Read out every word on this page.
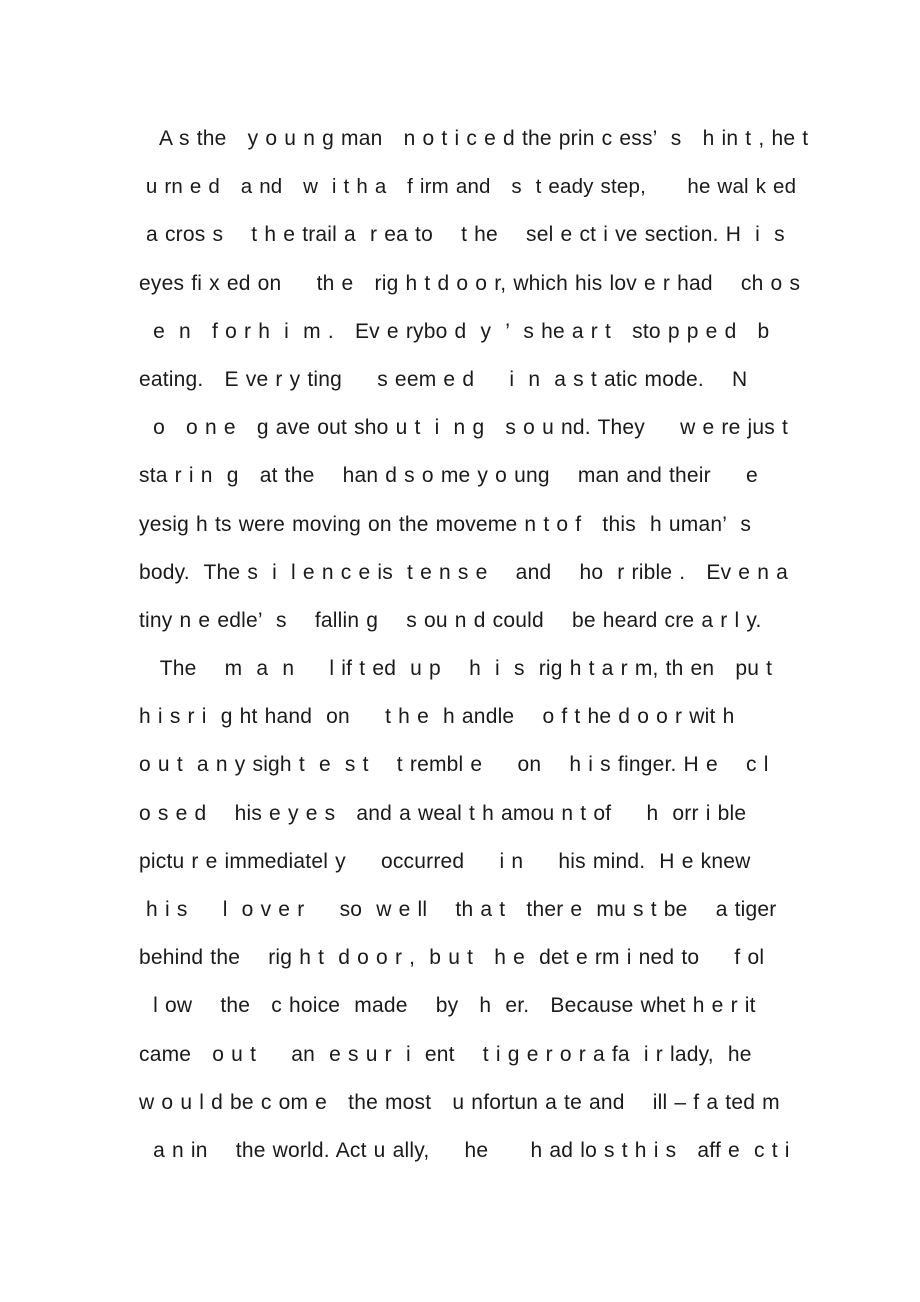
A s the   y o u n g man   n o t i c e d the prin c ess’  s   h in t , he t
u rn e d   a nd   w  i t h a   f irm and   s  t eady step,      he wal k ed
a cros s    t h e trail a  r ea to    t he    sel e ct i ve section. H  i  s
eyes fi x ed on     th e   rig h t d o o r, which his lov e r had    ch o s
e  n   f o r h  i  m .   Ev e rybo d  y  ’  s he a r t   sto p p e d   b
eating.   E ve r y ting     s eem e d     i  n  a s t atic mode.    N
o   o n e   g ave out sho u t  i  n g   s o u nd. They     w e re jus t
sta r i n  g   at the    han d s o me y o ung    man and their     e
yesig h ts were moving on the moveme n t o f   this  h uman’  s
body.  The s  i  l e n c e is  t e n s e    and    ho  r rible .   Ev e n a
tiny n e edle’  s    fallin g    s ou n d could    be heard cre a r l y.
The    m  a  n     l if t ed  u p    h  i  s  rig h t a r m, th en   pu t
h i s r i  g ht hand  on     t h e  h andle    o f t he d o o r wit h
o u t  a n y sigh t  e  s t    t rembl e     on    h i s finger. H e    c l
o s e d    his e y e s   and a weal t h amou n t of     h  orr i ble
pictu r e immediatel y     occurred     i n     his mind.  H e knew
h i s     l  o v e r     so  w e ll    th a t   ther e  mu s t be    a tiger
behind the    rig h t  d o o r ,  b u t   h e  det e rm i ned to     f ol
l ow    the   c hoice  made    by   h  er.   Because whet h e r it
came   o u t     an  e s u r  i  ent    t i g e r o r a fa  i r lady,  he
w o u l d be c om e   the most   u nfortun a te and    ill – f a ted m
a n in    the world. Act u ally,     he      h ad lo s t h i s   aff e  c t i
